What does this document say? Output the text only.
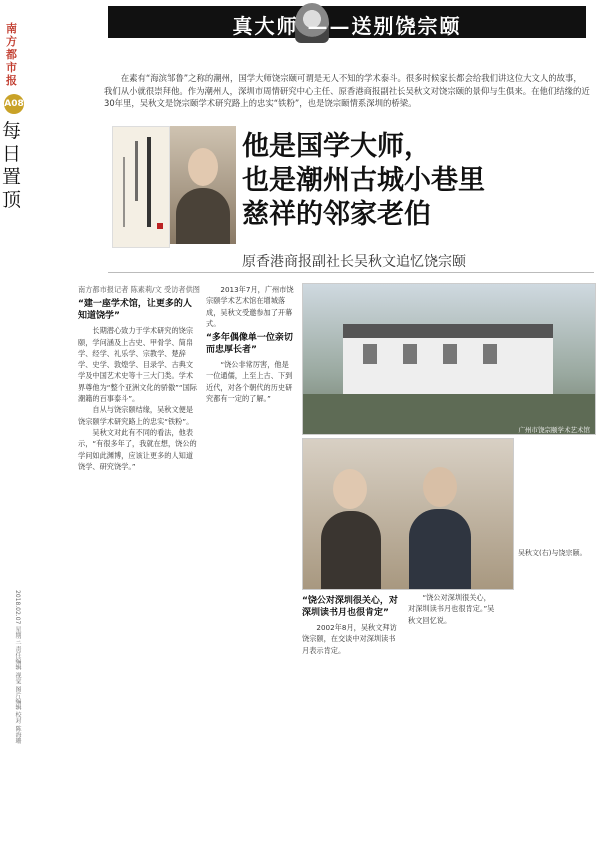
真大师 ——送别饶宗颐
南方都市报
A08
每日置顶
2018.02.07 星期三 责任编辑 视觉 图片编辑 校对 陈海珊
在素有“海滨邹鲁”之称的潮州，国学大师饶宗颐可谓是无人不知的学术泰斗。很多时候家长都会给我们讲这位大文人的故事，我们从小就很崇拜他。作为潮州人，深圳市周情研究中心主任、原香港商报副社长吴秋文对饶宗颐的景仰与生俱来。在他们结缘的近30年里，吴秋文是饶宗颐学术研究路上的忠实“铁粉”，也是饶宗颐情系深圳的桥梁。
他是国学大师，
也是潮州古城小巷里
慈祥的邻家老伯
原香港商报副社长吴秋文追忆饶宗颐

南方都市报记者 陈素莉/文 受访者供图

“建一座学术馆，让更多的人知道饶学”

长期潜心致力于学术研究的饶宗颐，学问涵及上古史、甲骨学、简帛学、经学、礼乐学、宗教学、楚辞学、史学、敦煌学、目录学、古典文学及中国艺术史等十三大门类。学术界尊他为“整个亚洲文化的骄傲”“国际潮籍的百事泰斗”。

自从与饶宗颐结缘，吴秋文便是饶宗颐学术研究路上的忠实“铁粉”。

吴秋文对此有不同的看法，他表示，“有很多年了，我就在想，饶公的学问如此渊博，应该让更多的人知道饶学、研究饶学。”

2013年7月，广州市饶宗颐学术艺术馆在增城落成，吴秋文受邀参加了开幕式。

“多年偶像单一位亲切而忠厚长者”

“饶公非常厉害，他是一位通儒，上至上古、下到近代，对各个朝代的历史研究都有一定的了解。”

广州市饶宗颐学术艺术馆
吴秋文(右)与饶宗颐。
“饶公对深圳很关心，对深圳读书月也很肯定”

2002年8月，吴秋文拜访饶宗颐，在交谈中对深圳读书月表示肯定。

“饶公对深圳很关心，对深圳读书月也很肯定。”吴秋文回忆说。
